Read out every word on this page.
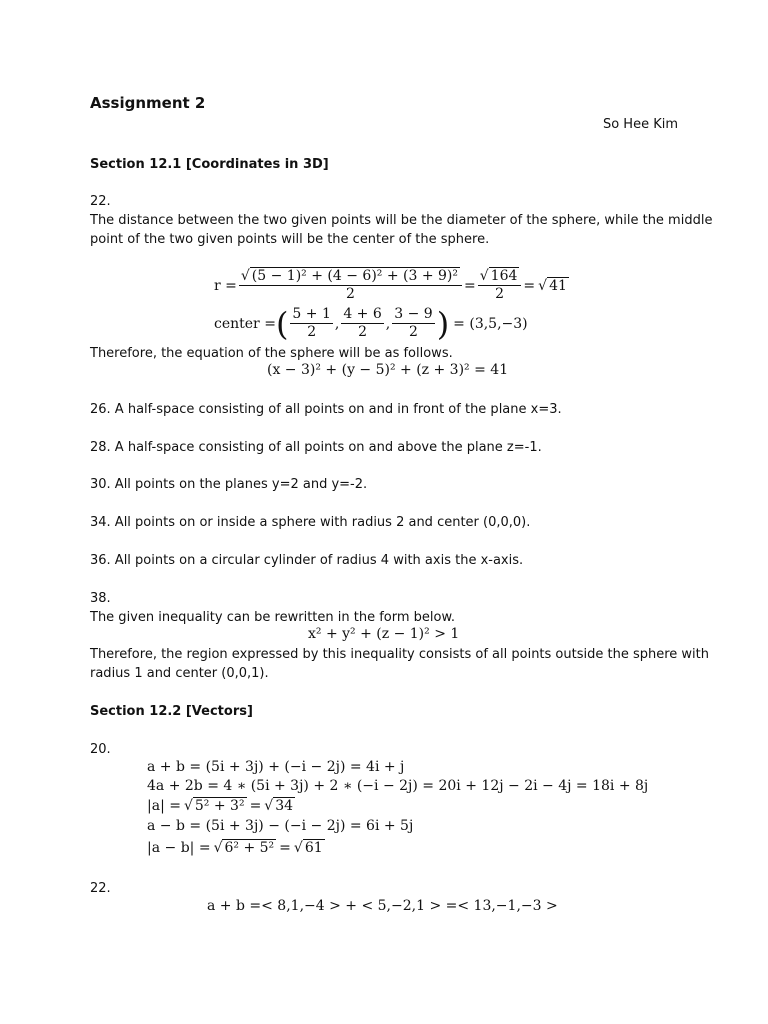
Assignment 2
So Hee Kim
Section 12.1 [Coordinates in 3D]
22.
The distance between the two given points will be the diameter of the sphere, while the middle
point of the two given points will be the center of the sphere.
$r = \frac{\text{√ (5 − 1)² + (4 − 6)² + (3 + 9)²}}{2} = \frac{√ 164}{2}$ = √ 41
center = ( $\frac{5 + 1}{2}$ , $\frac{4 + 6}{2}$ , $\frac{3 - 9}{2}$ ) = (3,5,−3)
Therefore, the equation of the sphere will be as follows.
(x − 3)² + (y − 5)² + (z + 3)² = 41
26. A half-space consisting of all points on and in front of the plane x=3.
28. A half-space consisting of all points on and above the plane z=-1.
30. All points on the planes y=2 and y=-2.
34. All points on or inside a sphere with radius 2 and center (0,0,0).
36. All points on a circular cylinder of radius 4 with axis the x-axis.
38.
The given inequality can be rewritten in the form below.
x² + y² + (z − 1)² > 1
Therefore, the region expressed by this inequality consists of all points outside the sphere with
radius 1 and center (0,0,1).
Section 12.2 [Vectors]
20.
a + b = (5i + 3j) + (−i − 2j) = 4i + j
4a + 2b = 4 ∗ (5i + 3j) + 2 ∗ (−i − 2j) = 20i + 12j − 2i − 4j = 18i + 8j
|a| = √ 5² + 3² = √ 34
a − b = (5i + 3j) − (−i − 2j) = 6i + 5j
|a − b| = √ 6² + 5² = √ 61
22.
a + b =< 8,1,−4 > + < 5,−2,1 > =< 13,−1,−3 >
